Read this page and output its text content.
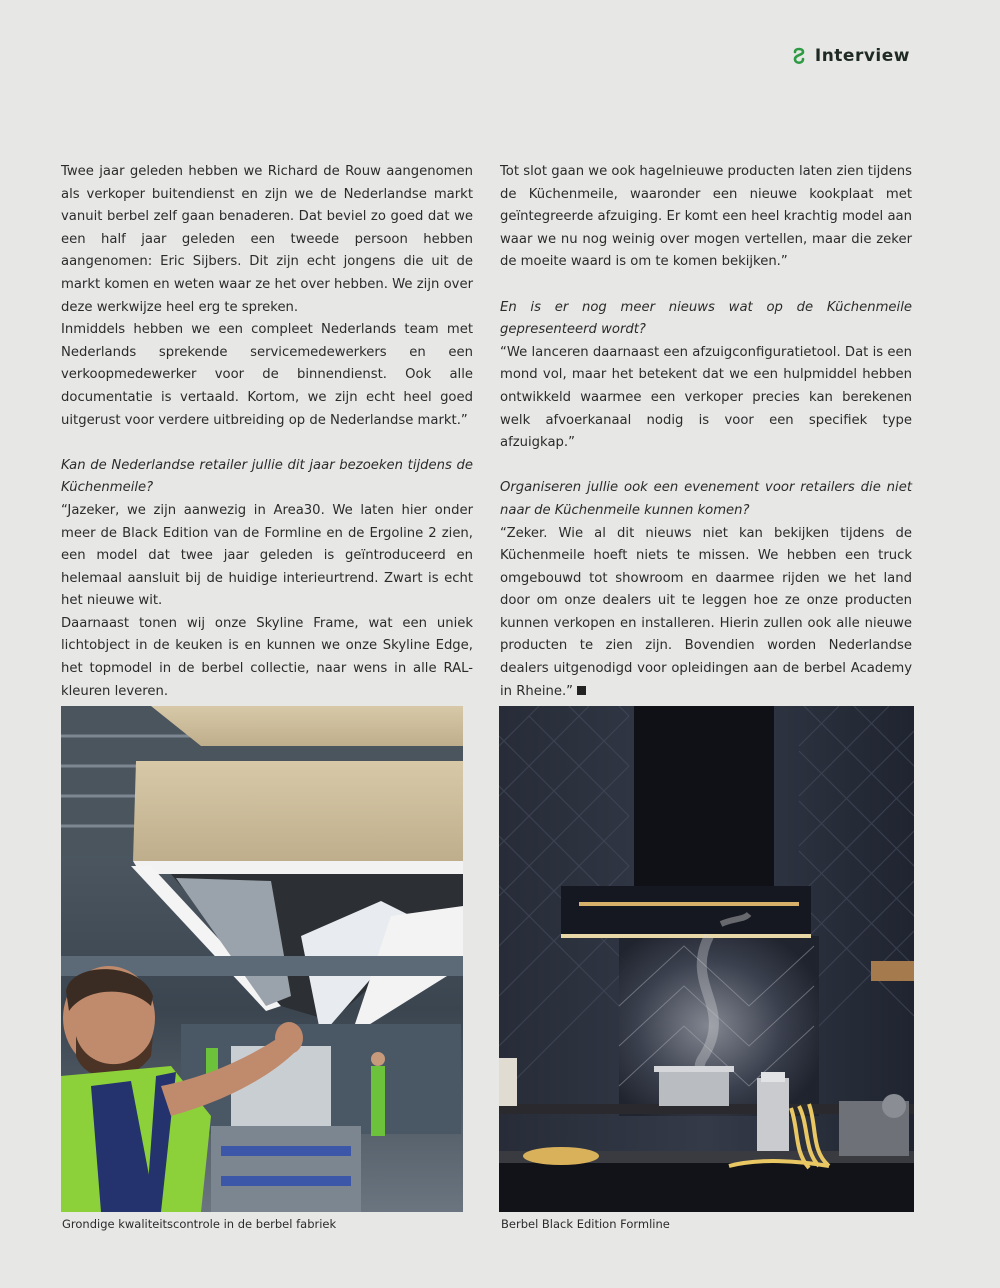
Interview

Twee jaar geleden hebben we Richard de Rouw aangenomen als verkoper buitendienst en zijn we de Nederlandse markt vanuit berbel zelf gaan benaderen. Dat beviel zo goed dat we een half jaar geleden een tweede persoon hebben aangenomen: Eric Sijbers. Dit zijn echt jongens die uit de markt komen en weten waar ze het over hebben. We zijn over deze werkwijze heel erg te spreken.

Inmiddels hebben we een compleet Nederlands team met Nederlands sprekende servicemedewerkers en een verkoopmedewerker voor de binnendienst. Ook alle documentatie is vertaald. Kortom, we zijn echt heel goed uitgerust voor verdere uitbreiding op de Nederlandse markt.”

Kan de Nederlandse retailer jullie dit jaar bezoeken tijdens de Küchenmeile?

“Jazeker, we zijn aanwezig in Area30. We laten hier onder meer de Black Edition van de Formline en de Ergoline 2 zien, een model dat twee jaar geleden is geïntroduceerd en helemaal aansluit bij de huidige interieurtrend. Zwart is echt het nieuwe wit.

Daarnaast tonen wij onze Skyline Frame, wat een uniek lichtobject in de keuken is en kunnen we onze Skyline Edge, het topmodel in de berbel collectie, naar wens in alle RAL-kleuren leveren.

Tot slot gaan we ook hagelnieuwe producten laten zien tijdens de Küchenmeile, waaronder een nieuwe kookplaat met geïntegreerde afzuiging. Er komt een heel krachtig model aan waar we nu nog weinig over mogen vertellen, maar die zeker de moeite waard is om te komen bekijken.”

En is er nog meer nieuws wat op de Küchenmeile gepresenteerd wordt?

“We lanceren daarnaast een afzuigconfiguratietool. Dat is een mond vol, maar het betekent dat we een hulpmiddel hebben ontwikkeld waarmee een verkoper precies kan berekenen welk afvoerkanaal nodig is voor een specifiek type afzuigkap.”

Organiseren jullie ook een evenement voor retailers die niet naar de Küchenmeile kunnen komen?

“Zeker. Wie al dit nieuws niet kan bekijken tijdens de Küchenmeile hoeft niets te missen. We hebben een truck omgebouwd tot showroom en daarmee rijden we het land door om onze dealers uit te leggen hoe ze onze producten kunnen verkopen en installeren. Hierin zullen ook alle nieuwe producten te zien zijn. Bovendien worden Nederlandse dealers uitgenodigd voor opleidingen aan de berbel Academy in Rheine.”

Grondige kwaliteitscontrole in de berbel fabriek	Berbel Black Edition Formline
